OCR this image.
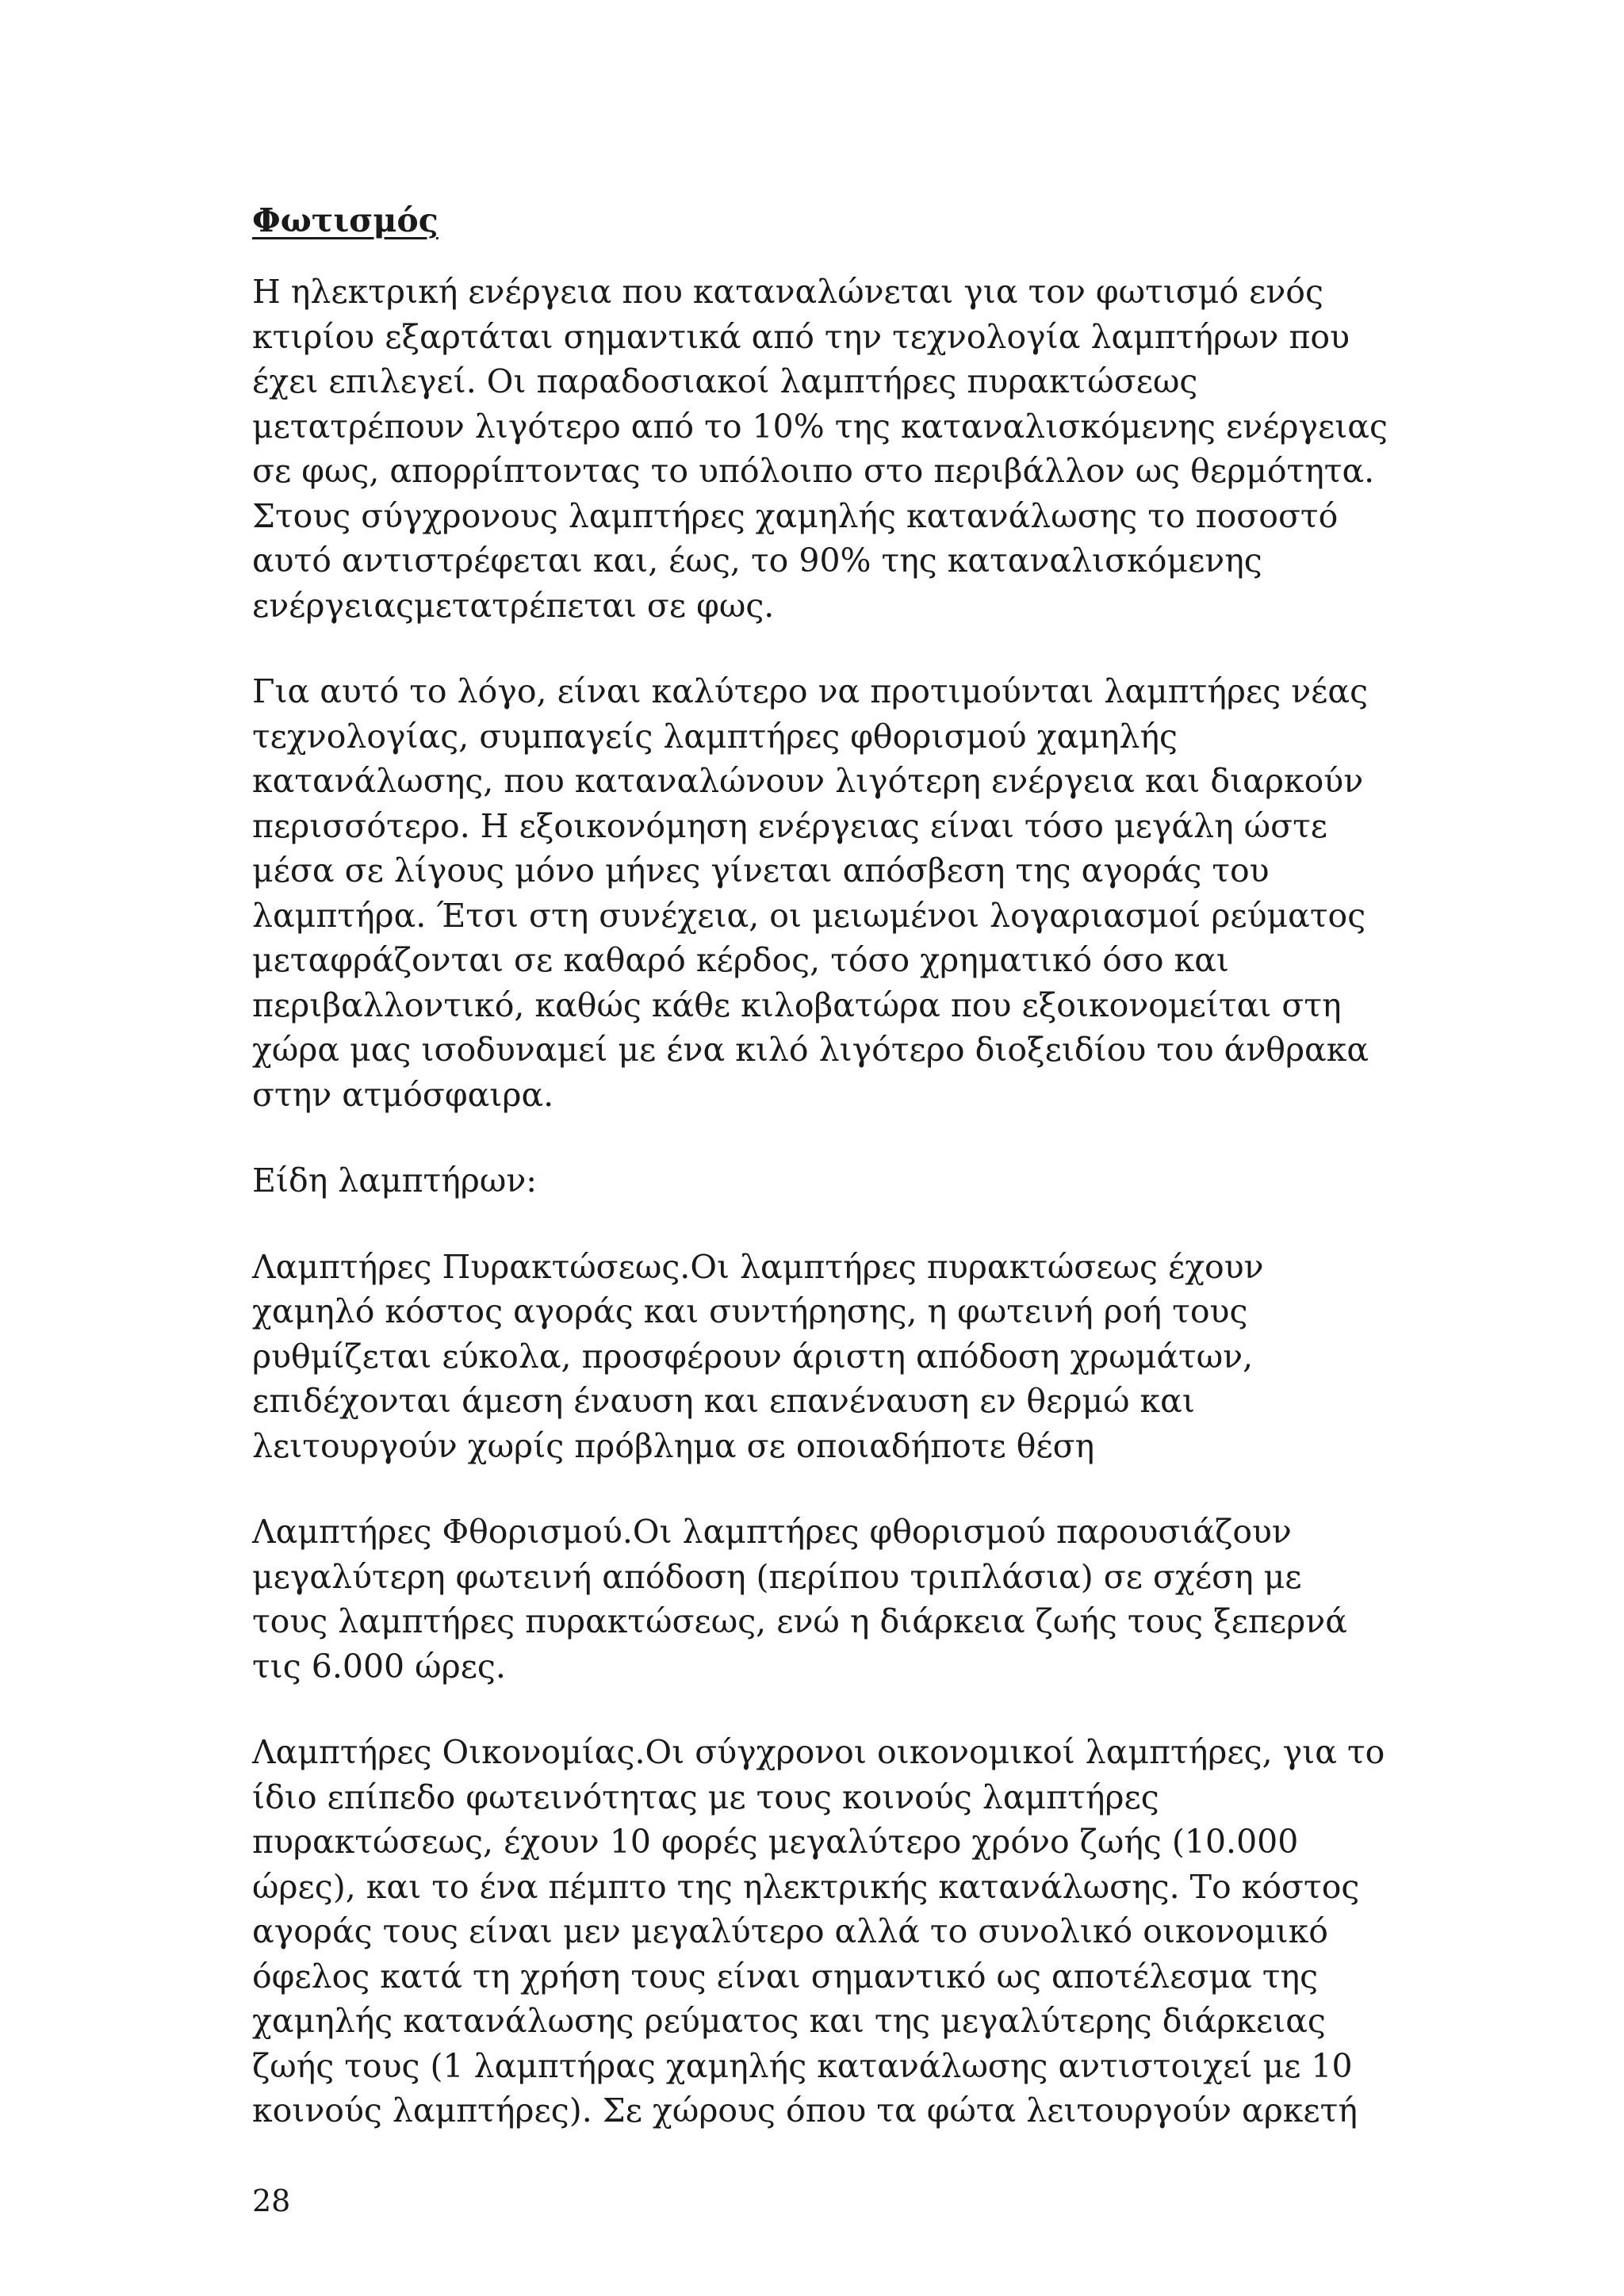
Φωτισμός

Η ηλεκτρική ενέργεια που καταναλώνεται για τον φωτισμό ενός
κτιρίου εξαρτάται σημαντικά από την τεχνολογία λαμπτήρων που
έχει επιλεγεί. Οι παραδοσιακοί λαμπτήρες πυρακτώσεως
μετατρέπουν λιγότερο από το 10% της καταναλισκόμενης ενέργειας
σε φως, απορρίπτοντας το υπόλοιπο στο περιβάλλον ως θερμότητα.
Στους σύγχρονους λαμπτήρες χαμηλής κατανάλωσης το ποσοστό
αυτό αντιστρέφεται και, έως, το 90% της καταναλισκόμενης
ενέργειαςμετατρέπεται σε φως.

Για αυτό το λόγο, είναι καλύτερο να προτιμούνται λαμπτήρες νέας
τεχνολογίας, συμπαγείς λαμπτήρες φθορισμού χαμηλής
κατανάλωσης, που καταναλώνουν λιγότερη ενέργεια και διαρκούν
περισσότερο. Η εξοικονόμηση ενέργειας είναι τόσο μεγάλη ώστε
μέσα σε λίγους μόνο μήνες γίνεται απόσβεση της αγοράς του
λαμπτήρα. Έτσι στη συνέχεια, οι μειωμένοι λογαριασμοί ρεύματος
μεταφράζονται σε καθαρό κέρδος, τόσο χρηματικό όσο και
περιβαλλοντικό, καθώς κάθε κιλοβατώρα που εξοικονομείται στη
χώρα μας ισοδυναμεί με ένα κιλό λιγότερο διοξειδίου του άνθρακα
στην ατμόσφαιρα.

Είδη λαμπτήρων:

Λαμπτήρες Πυρακτώσεως.Οι λαμπτήρες πυρακτώσεως έχουν
χαμηλό κόστος αγοράς και συντήρησης, η φωτεινή ροή τους
ρυθμίζεται εύκολα, προσφέρουν άριστη απόδοση χρωμάτων,
επιδέχονται άμεση έναυση και επανέναυση εν θερμώ και
λειτουργούν χωρίς πρόβλημα σε οποιαδήποτε θέση

Λαμπτήρες Φθορισμού.Οι λαμπτήρες φθορισμού παρουσιάζουν
μεγαλύτερη φωτεινή απόδοση (περίπου τριπλάσια) σε σχέση με
τους λαμπτήρες πυρακτώσεως, ενώ η διάρκεια ζωής τους ξεπερνά
τις 6.000 ώρες.

Λαμπτήρες Οικονομίας.Οι σύγχρονοι οικονομικοί λαμπτήρες, για το
ίδιο επίπεδο φωτεινότητας με τους κοινούς λαμπτήρες
πυρακτώσεως, έχουν 10 φορές μεγαλύτερο χρόνο ζωής (10.000
ώρες), και το ένα πέμπτο της ηλεκτρικής κατανάλωσης. Το κόστος
αγοράς τους είναι μεν μεγαλύτερο αλλά το συνολικό οικονομικό
όφελος κατά τη χρήση τους είναι σημαντικό ως αποτέλεσμα της
χαμηλής κατανάλωσης ρεύματος και της μεγαλύτερης διάρκειας
ζωής τους (1 λαμπτήρας χαμηλής κατανάλωσης αντιστοιχεί με 10
κοινούς λαμπτήρες). Σε χώρους όπου τα φώτα λειτουργούν αρκετή

28
